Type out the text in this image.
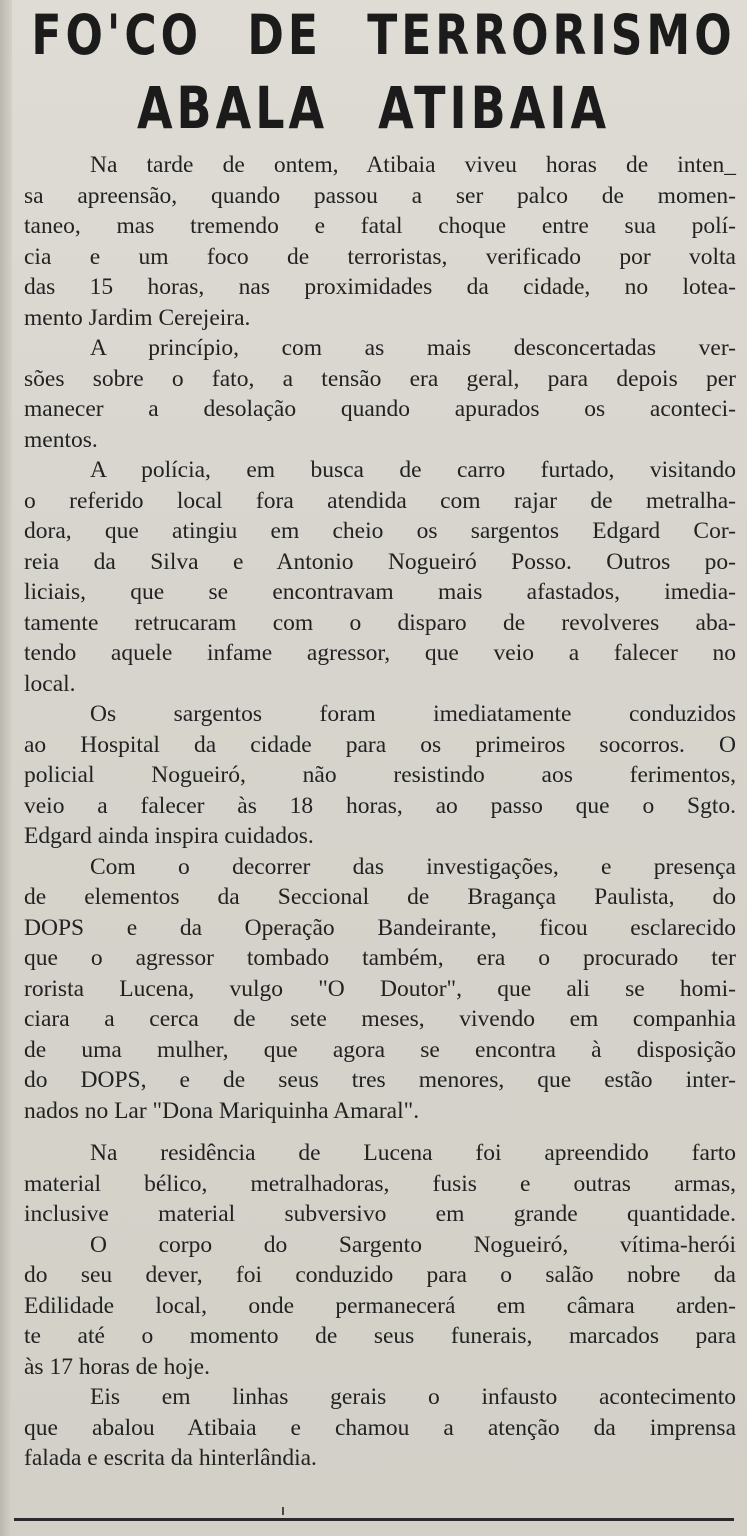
FO'CO DE TERRORISMO
ABALA ATIBAIA
Na tarde de ontem, Atibaia viveu horas de inten_
sa apreensão, quando passou a ser palco de momen-
taneo, mas tremendo e fatal choque entre sua polí-
cia e um foco de terroristas, verificado por volta
das 15 horas, nas proximidades da cidade, no lotea-
mento Jardim Cerejeira.
A princípio, com as mais desconcertadas ver-
sões sobre o fato, a tensão era geral, para depois per
manecer a desolação quando apurados os aconteci-
mentos.
A polícia, em busca de carro furtado, visitando
o referido local fora atendida com rajar de metralha-
dora, que atingiu em cheio os sargentos Edgard Cor-
reia da Silva e Antonio Nogueiró Posso. Outros po-
liciais, que se encontravam mais afastados, imedia-
tamente retrucaram com o disparo de revolveres aba-
tendo aquele infame agressor, que veio a falecer no
local.
Os sargentos foram imediatamente conduzidos
ao Hospital da cidade para os primeiros socorros. O
policial Nogueiró, não resistindo aos ferimentos,
veio a falecer às 18 horas, ao passo que o Sgto.
Edgard ainda inspira cuidados.
Com o decorrer das investigações, e presença
de elementos da Seccional de Bragança Paulista, do
DOPS e da Operação Bandeirante, ficou esclarecido
que o agressor tombado também, era o procurado ter
rorista Lucena, vulgo "O Doutor", que ali se homi-
ciara a cerca de sete meses, vivendo em companhia
de uma mulher, que agora se encontra à disposição
do DOPS, e de seus tres menores, que estão inter-
nados no Lar "Dona Mariquinha Amaral".
Na residência de Lucena foi apreendido farto
material bélico, metralhadoras, fusis e outras armas,
inclusive material subversivo em grande quantidade.
O corpo do Sargento Nogueiró, vítima-herói
do seu dever, foi conduzido para o salão nobre da
Edilidade local, onde permanecerá em câmara arden-
te até o momento de seus funerais, marcados para
às 17 horas de hoje.
Eis em linhas gerais o infausto acontecimento
que abalou Atibaia e chamou a atenção da imprensa
falada e escrita da hinterlândia.
